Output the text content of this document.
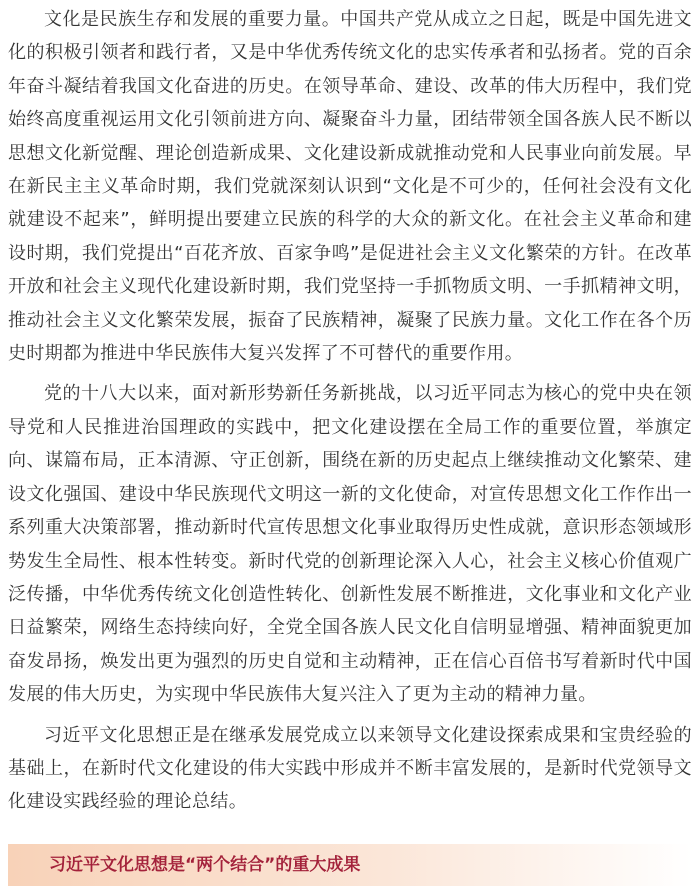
文化是民族生存和发展的重要力量。中国共产党从成立之日起，既是中国先进文化的积极引领者和践行者，又是中华优秀传统文化的忠实传承者和弘扬者。党的百余年奋斗凝结着我国文化奋进的历史。在领导革命、建设、改革的伟大历程中，我们党始终高度重视运用文化引领前进方向、凝聚奋斗力量，团结带领全国各族人民不断以思想文化新觉醒、理论创造新成果、文化建设新成就推动党和人民事业向前发展。早在新民主主义革命时期，我们党就深刻认识到“文化是不可少的，任何社会没有文化就建设不起来”，鲜明提出要建立民族的科学的大众的新文化。在社会主义革命和建设时期，我们党提出“百花齐放、百家争鸣”是促进社会主义文化繁荣的方针。在改革开放和社会主义现代化建设新时期，我们党坚持一手抓物质文明、一手抓精神文明，推动社会主义文化繁荣发展，振奋了民族精神，凝聚了民族力量。文化工作在各个历史时期都为推进中华民族伟大复兴发挥了不可替代的重要作用。

党的十八大以来，面对新形势新任务新挑战，以习近平同志为核心的党中央在领导党和人民推进治国理政的实践中，把文化建设摆在全局工作的重要位置，举旗定向、谋篇布局，正本清源、守正创新，围绕在新的历史起点上继续推动文化繁荣、建设文化强国、建设中华民族现代文明这一新的文化使命，对宣传思想文化工作作出一系列重大决策部署，推动新时代宣传思想文化事业取得历史性成就，意识形态领域形势发生全局性、根本性转变。新时代党的创新理论深入人心，社会主义核心价值观广泛传播，中华优秀传统文化创造性转化、创新性发展不断推进，文化事业和文化产业日益繁荣，网络生态持续向好，全党全国各族人民文化自信明显增强、精神面貌更加奋发昂扬，焕发出更为强烈的历史自觉和主动精神，正在信心百倍书写着新时代中国发展的伟大历史，为实现中华民族伟大复兴注入了更为主动的精神力量。

习近平文化思想正是在继承发展党成立以来领导文化建设探索成果和宝贵经验的基础上，在新时代文化建设的伟大实践中形成并不断丰富发展的，是新时代党领导文化建设实践经验的理论总结。

习近平文化思想是“两个结合”的重大成果
